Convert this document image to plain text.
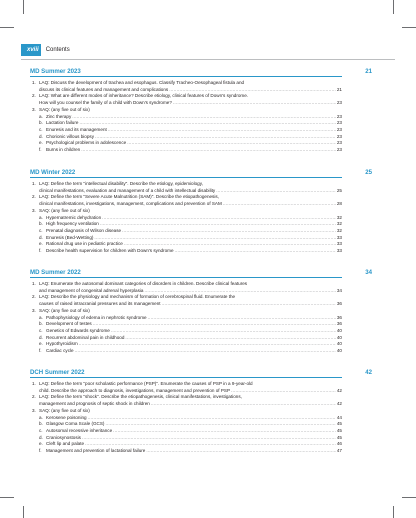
xviii	Contents
MD Summer 2023	21
1. LAQ: Discuss the development of trachea and esophagus. Classify Tracheo-Oesophageal fistula and
discuss its clinical features and management and complications .....	21
2. LAQ: What are different modes of inheritance? Describe etiology, clinical features of Down's syndrome.
How will you counsel the family of a child with Down's syndrome? .....	23
3. SAQ: (any five out of six)
a. Zinc therapy .....	23
b. Lactation failure .....	23
c. Enuresis and its management .....	23
d. Chorionic villous biopsy .....	23
e. Psychological problems in adolescence .....	23
f. Burns in children .....	23
MD Winter 2022	25
1. LAQ: Define the term "intellectual disability". Describe the etiology, epidemiology,
clinical manifestations, evaluation and management of a child with intellectual disability .....	25
2. LAQ: Define the term "Severe Acute Malnutrition (SAM)". Describe the etiopathogenesis,
clinical manifestations, investigations, management, complications and prevention of SAM .....	28
3. SAQ: (any five out of six)
a. Hypernatremic dehydration .....	32
b. High frequency ventilation .....	32
c. Prenatal diagnosis of Wilson disease .....	32
d. Enuresis (Bed-Wetting) .....	33
e. Rational drug use in pediatric practice .....	33
f. Describe health supervision for children with Down's syndrome .....	33
MD Summer 2022	34
1. LAQ: Enumerate the autosomal dominant categories of disorders in children. Describe clinical features
and management of congenital adrenal hyperplasia .....	34
2. LAQ: Describe the physiology and mechanism of formation of cerebrospinal fluid. Enumerate the
causes of raised intracranial pressures and its management .....	36
3. SAQ: (any five out of six)
a. Pathophysiology of edema in nephrotic syndrome .....	36
b. Development of testes .....	36
c. Genetics of Edwards syndrome .....	40
d. Recurrent abdominal pain in childhood .....	40
e. Hypothyroidism .....	40
f. Cardiac cycle .....	40
DCH Summer 2022	42
1. LAQ: Define the term "poor scholastic performance (PSP)". Enumerate the causes of PSP in a 9-year-old
child. Describe the approach to diagnosis, investigations, management and prevention of PSP .....	42
2. LAQ: Define the term "shock". Describe the etiopathogenesis, clinical manifestations, investigations,
management and prognosis of septic shock in children .....	42
3. SAQ: (any five out of six)
a. Kerosene poisoning .....	44
b. Glasgow Coma Scale (GCS) .....	45
c. Autosomal recessive inheritance .....	45
d. Craniosynostosis .....	45
e. Cleft lip and palate .....	46
f. Management and prevention of lactational failure .....	47
